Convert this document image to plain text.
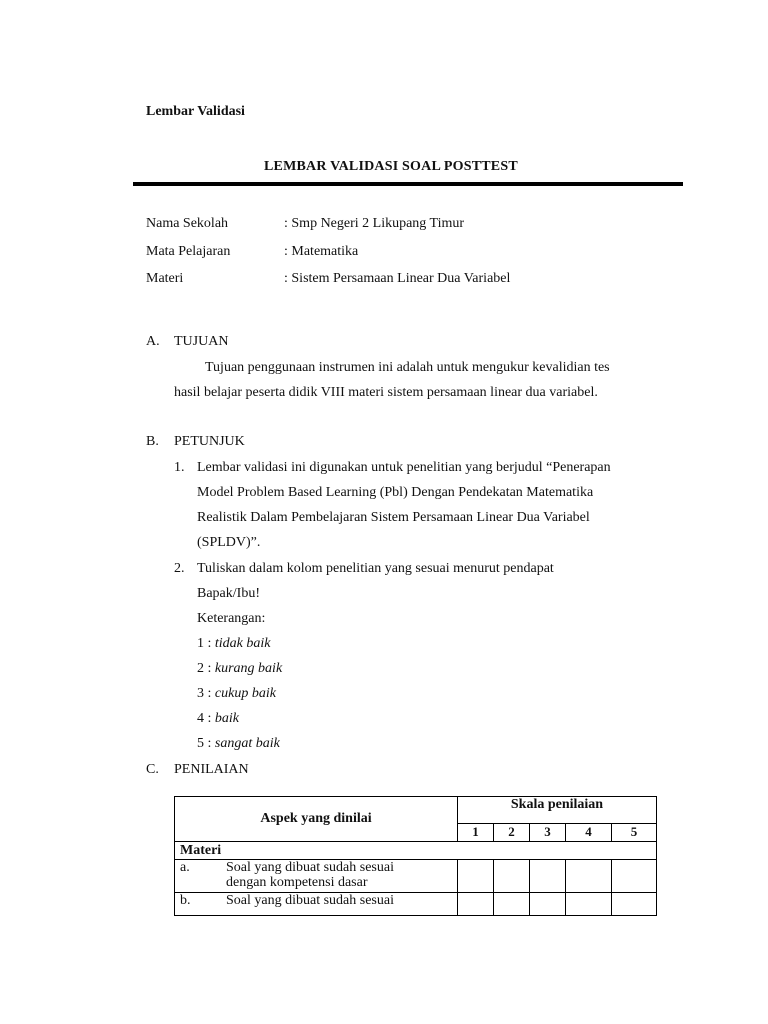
Lembar Validasi
LEMBAR VALIDASI SOAL POSTTEST
Nama Sekolah	: Smp Negeri 2 Likupang Timur
Mata Pelajaran	: Matematika
Materi	: Sistem Persamaan Linear Dua Variabel
A. TUJUAN
Tujuan penggunaan instrumen ini adalah untuk mengukur kevalidian tes
hasil belajar peserta didik VIII materi sistem persamaan linear dua variabel.
B. PETUNJUK
1. Lembar validasi ini digunakan untuk penelitian yang berjudul “Penerapan
Model Problem Based Learning (Pbl) Dengan Pendekatan Matematika
Realistik Dalam Pembelajaran Sistem Persamaan Linear Dua Variabel
(SPLDV)”.
2. Tuliskan dalam kolom penelitian yang sesuai menurut pendapat
Bapak/Ibu!
Keterangan:
1 : tidak baik
2 : kurang baik
3 : cukup baik
4 : baik
5 : sangat baik
C. PENILAIAN
Aspek yang dinilai	Skala penilaian				
	1	2	3	4	5
Materi					
a. Soal yang dibuat sudah sesuai
dengan kompetensi dasar					
b. Soal yang dibuat sudah sesuai					
